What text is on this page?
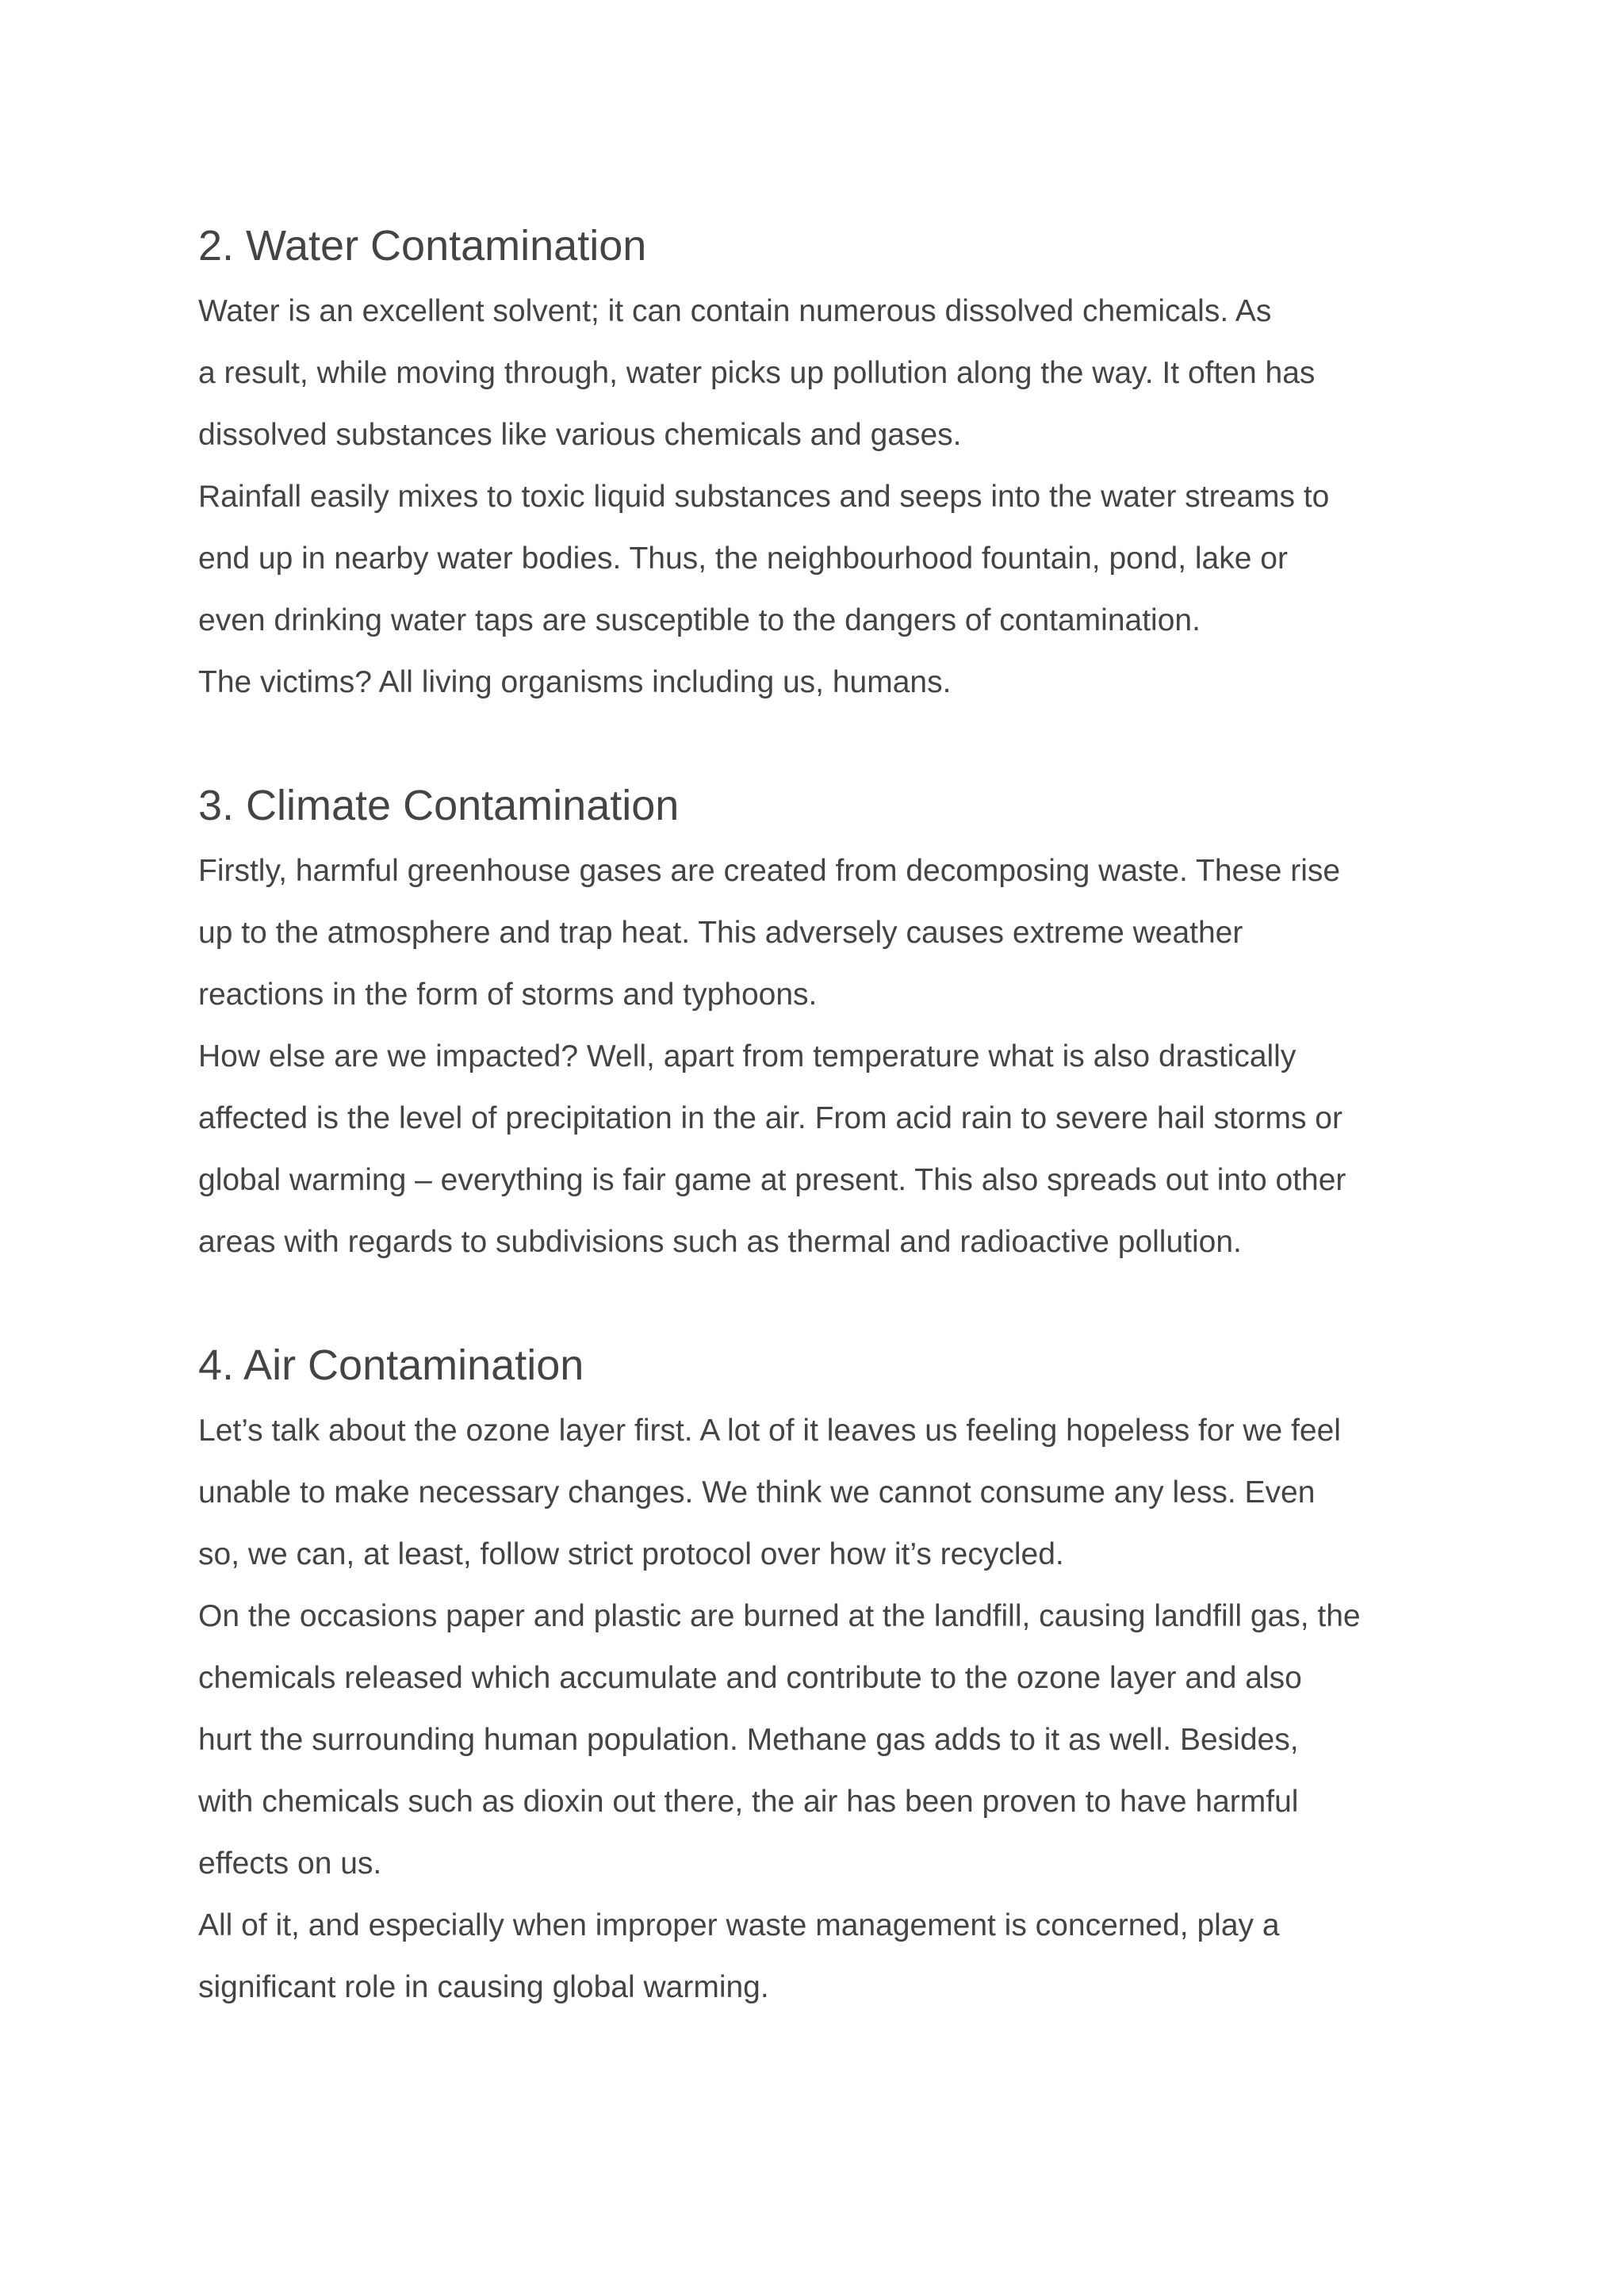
2. Water Contamination

Water is an excellent solvent; it can contain numerous dissolved chemicals. As

a result, while moving through, water picks up pollution along the way. It often has

dissolved substances like various chemicals and gases.

Rainfall easily mixes to toxic liquid substances and seeps into the water streams to

end up in nearby water bodies. Thus, the neighbourhood fountain, pond, lake or

even drinking water taps are susceptible to the dangers of contamination.

The victims? All living organisms including us, humans.

3. Climate Contamination

Firstly, harmful greenhouse gases are created from decomposing waste. These rise

up to the atmosphere and trap heat. This adversely causes extreme weather

reactions in the form of storms and typhoons.

How else are we impacted? Well, apart from temperature what is also drastically

affected is the level of precipitation in the air. From acid rain to severe hail storms or

global warming – everything is fair game at present. This also spreads out into other

areas with regards to subdivisions such as thermal and radioactive pollution.

4. Air Contamination

Let’s talk about the ozone layer first. A lot of it leaves us feeling hopeless for we feel

unable to make necessary changes. We think we cannot consume any less. Even

so, we can, at least, follow strict protocol over how it’s recycled.

On the occasions paper and plastic are burned at the landfill, causing landfill gas, the

chemicals released which accumulate and contribute to the ozone layer and also

hurt the surrounding human population. Methane gas adds to it as well. Besides,

with chemicals such as dioxin out there, the air has been proven to have harmful

effects on us.

All of it, and especially when improper waste management is concerned, play a

significant role in causing global warming.
